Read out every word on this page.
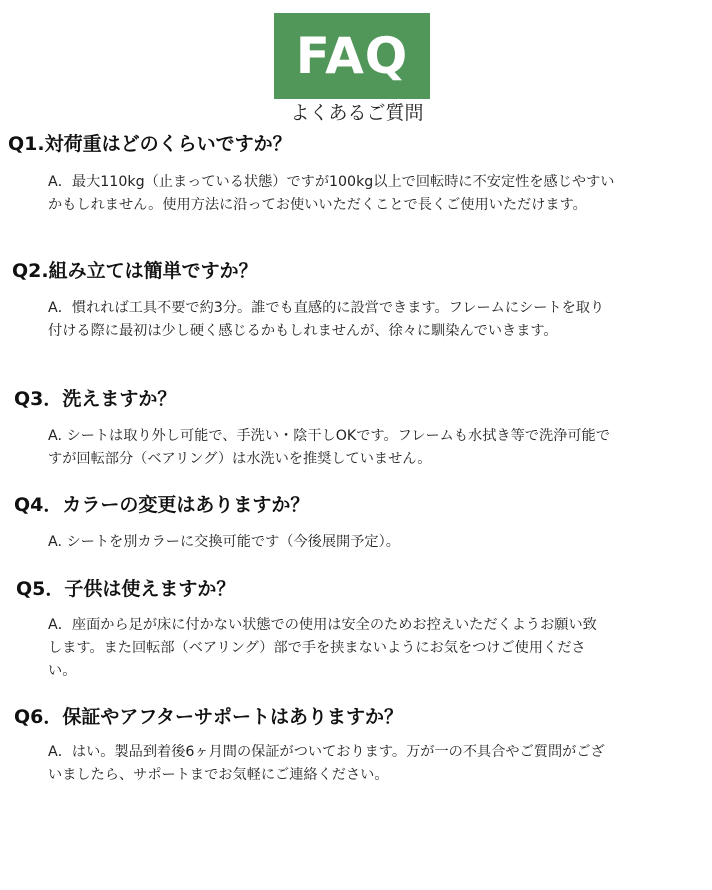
FAQ
よくあるご質問
Q1.対荷重はどのくらいですか？
A．最大110kg（止まっている状態）ですが100kg以上で回転時に不安定性を感じやすいかもしれません。使用方法に沿ってお使いいただくことで長くご使用いただけます。
Q2.組み立ては簡単ですか？
A．慣れれば工具不要で約3分。誰でも直感的に設営できます。フレームにシートを取り付ける際に最初は少し硬く感じるかもしれませんが、徐々に馴染んでいきます。
Q3．洗えますか？
A. シートは取り外し可能で、手洗い・陰干しOKです。フレームも水拭き等で洗浄可能ですが回転部分（ベアリング）は水洗いを推奨していません。
Q4．カラーの変更はありますか？
A. シートを別カラーに交換可能です（今後展開予定）。
Q5．子供は使えますか？
A．座面から足が床に付かない状態での使用は安全のためお控えいただくようお願い致します。また回転部（ベアリング）部で手を挟まないようにお気をつけご使用ください。
Q6．保証やアフターサポートはありますか？
A．はい。製品到着後6ヶ月間の保証がついております。万が一の不具合やご質問がございましたら、サポートまでお気軽にご連絡ください。
